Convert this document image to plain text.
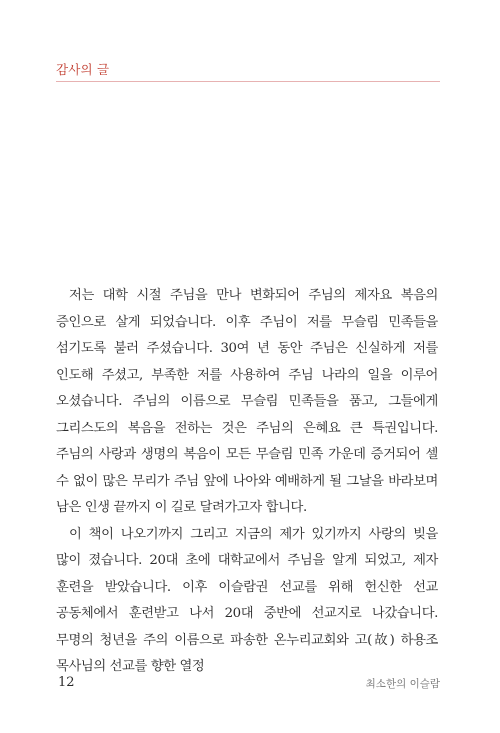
감사의 글

저는 대학 시절 주님을 만나 변화되어 주님의 제자요 복음의 증인으로 살게 되었습니다. 이후 주님이 저를 무슬림 민족들을 섬기도록 불러 주셨습니다. 30여 년 동안 주님은 신실하게 저를 인도해 주셨고, 부족한 저를 사용하여 주님 나라의 일을 이루어 오셨습니다. 주님의 이름으로 무슬림 민족들을 품고, 그들에게 그리스도의 복음을 전하는 것은 주님의 은혜요 큰 특권입니다. 주님의 사랑과 생명의 복음이 모든 무슬림 민족 가운데 증거되어 셀 수 없이 많은 무리가 주님 앞에 나아와 예배하게 될 그날을 바라보며 남은 인생 끝까지 이 길로 달려가고자 합니다.

이 책이 나오기까지 그리고 지금의 제가 있기까지 사랑의 빚을 많이 졌습니다. 20대 초에 대학교에서 주님을 알게 되었고, 제자 훈련을 받았습니다. 이후 이슬람권 선교를 위해 헌신한 선교 공동체에서 훈련받고 나서 20대 중반에 선교지로 나갔습니다. 무명의 청년을 주의 이름으로 파송한 온누리교회와 고(故) 하용조 목사님의 선교를 향한 열정

12	최소한의 이슬람
